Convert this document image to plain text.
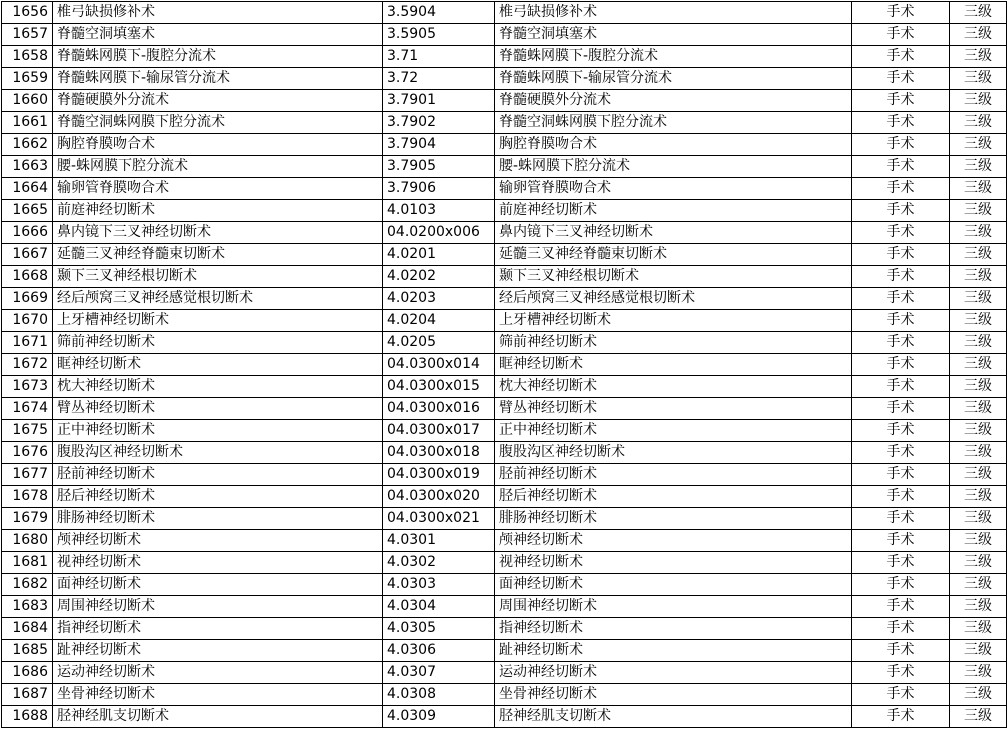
1656	椎弓缺损修补术	3.5904	椎弓缺损修补术	手术	三级
1657	脊髓空洞填塞术	3.5905	脊髓空洞填塞术	手术	三级
1658	脊髓蛛网膜下-腹腔分流术	3.71	脊髓蛛网膜下-腹腔分流术	手术	三级
1659	脊髓蛛网膜下-输尿管分流术	3.72	脊髓蛛网膜下-输尿管分流术	手术	三级
1660	脊髓硬膜外分流术	3.7901	脊髓硬膜外分流术	手术	三级
1661	脊髓空洞蛛网膜下腔分流术	3.7902	脊髓空洞蛛网膜下腔分流术	手术	三级
1662	胸腔脊膜吻合术	3.7904	胸腔脊膜吻合术	手术	三级
1663	腰-蛛网膜下腔分流术	3.7905	腰-蛛网膜下腔分流术	手术	三级
1664	输卵管脊膜吻合术	3.7906	输卵管脊膜吻合术	手术	三级
1665	前庭神经切断术	4.0103	前庭神经切断术	手术	三级
1666	鼻内镜下三叉神经切断术	04.0200x006	鼻内镜下三叉神经切断术	手术	三级
1667	延髓三叉神经脊髓束切断术	4.0201	延髓三叉神经脊髓束切断术	手术	三级
1668	颞下三叉神经根切断术	4.0202	颞下三叉神经根切断术	手术	三级
1669	经后颅窝三叉神经感觉根切断术	4.0203	经后颅窝三叉神经感觉根切断术	手术	三级
1670	上牙槽神经切断术	4.0204	上牙槽神经切断术	手术	三级
1671	筛前神经切断术	4.0205	筛前神经切断术	手术	三级
1672	眶神经切断术	04.0300x014	眶神经切断术	手术	三级
1673	枕大神经切断术	04.0300x015	枕大神经切断术	手术	三级
1674	臂丛神经切断术	04.0300x016	臂丛神经切断术	手术	三级
1675	正中神经切断术	04.0300x017	正中神经切断术	手术	三级
1676	腹股沟区神经切断术	04.0300x018	腹股沟区神经切断术	手术	三级
1677	胫前神经切断术	04.0300x019	胫前神经切断术	手术	三级
1678	胫后神经切断术	04.0300x020	胫后神经切断术	手术	三级
1679	腓肠神经切断术	04.0300x021	腓肠神经切断术	手术	三级
1680	颅神经切断术	4.0301	颅神经切断术	手术	三级
1681	视神经切断术	4.0302	视神经切断术	手术	三级
1682	面神经切断术	4.0303	面神经切断术	手术	三级
1683	周围神经切断术	4.0304	周围神经切断术	手术	三级
1684	指神经切断术	4.0305	指神经切断术	手术	三级
1685	趾神经切断术	4.0306	趾神经切断术	手术	三级
1686	运动神经切断术	4.0307	运动神经切断术	手术	三级
1687	坐骨神经切断术	4.0308	坐骨神经切断术	手术	三级
1688	胫神经肌支切断术	4.0309	胫神经肌支切断术	手术	三级
